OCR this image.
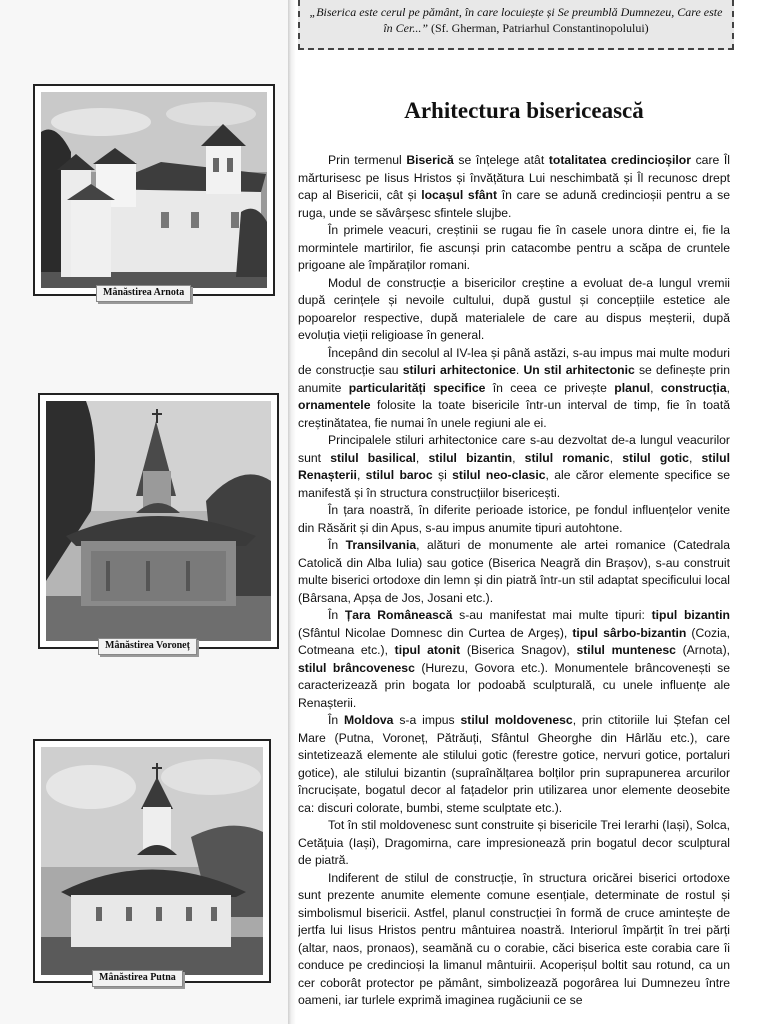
„Biserica este cerul pe pământ, în care locuiește și Se preumblă Dumnezeu, Care este în Cer...” (Sf. Gherman, Patriarhul Constantinopolului)
Mânăstirea Arnota
Mânăstirea Voroneț
Mânăstirea Putna
Arhitectura bisericească

Prin termenul Biserică se înțelege atât totalitatea credincioșilor care Îl mărturisesc pe Iisus Hristos și învățătura Lui neschimbată și Îl recunosc drept cap al Bisericii, cât și locașul sfânt în care se adună credincioșii pentru a se ruga, unde se săvârșesc sfintele slujbe.

În primele veacuri, creștinii se rugau fie în casele unora dintre ei, fie la mormintele martirilor, fie ascunși prin catacombe pentru a scăpa de cruntele prigoane ale împăraților romani.

Modul de construcție a bisericilor creștine a evoluat de-a lungul vremii după cerințele și nevoile cultului, după gustul și concepțiile estetice ale popoarelor respective, după materialele de care au dispus meșterii, după evoluția vieții religioase în general.

Începând din secolul al IV-lea și până astăzi, s-au impus mai multe moduri de construcție sau stiluri arhitectonice. Un stil arhitectonic se definește prin anumite particularități specifice în ceea ce privește planul, construcția, ornamentele folosite la toate bisericile într-un interval de timp, fie în toată creștinătatea, fie numai în unele regiuni ale ei.

Principalele stiluri arhitectonice care s-au dezvoltat de-a lungul veacurilor sunt stilul basilical, stilul bizantin, stilul romanic, stilul gotic, stilul Renașterii, stilul baroc și stilul neo-clasic, ale căror elemente specifice se manifestă și în structura construcțiilor bisericești.

În țara noastră, în diferite perioade istorice, pe fondul influențelor venite din Răsărit și din Apus, s-au impus anumite tipuri autohtone.

În Transilvania, alături de monumente ale artei romanice (Catedrala Catolică din Alba Iulia) sau gotice (Biserica Neagră din Brașov), s-au construit multe biserici ortodoxe din lemn și din piatră într-un stil adaptat specificului local (Bârsana, Apșa de Jos, Josani etc.).

În Țara Românească s-au manifestat mai multe tipuri: tipul bizantin (Sfântul Nicolae Domnesc din Curtea de Argeș), tipul sârbo-bizantin (Cozia, Cotmeana etc.), tipul atonit (Biserica Snagov), stilul muntenesc (Arnota), stilul brâncovenesc (Hurezu, Govora etc.). Monumentele brâncovenești se caracterizează prin bogata lor podoabă sculpturală, cu unele influențe ale Renașterii.

În Moldova s-a impus stilul moldovenesc, prin ctitoriile lui Ștefan cel Mare (Putna, Voroneț, Pătrăuți, Sfântul Gheorghe din Hârlău etc.), care sintetizează elemente ale stilului gotic (ferestre gotice, nervuri gotice, portaluri gotice), ale stilului bizantin (supraînălțarea bolților prin suprapunerea arcurilor încrucișate, bogatul decor al fațadelor prin utilizarea unor elemente deosebite ca: discuri colorate, bumbi, steme sculptate etc.).

Tot în stil moldovenesc sunt construite și bisericile Trei Ierarhi (Iași), Solca, Cetățuia (Iași), Dragomirna, care impresionează prin bogatul decor sculptural de piatră.

Indiferent de stilul de construcție, în structura oricărei biserici ortodoxe sunt prezente anumite elemente comune esențiale, determinate de rostul și simbolismul bisericii. Astfel, planul construcției în formă de cruce amintește de jertfa lui Iisus Hristos pentru mântuirea noastră. Interiorul împărțit în trei părți (altar, naos, pronaos), seamănă cu o corabie, căci biserica este corabia care îi conduce pe credincioși la limanul mântuirii. Acoperișul boltit sau rotund, ca un cer coborât protector pe pământ, simbolizează pogorârea lui Dumnezeu între oameni, iar turlele exprimă imaginea rugăciunii ce se
